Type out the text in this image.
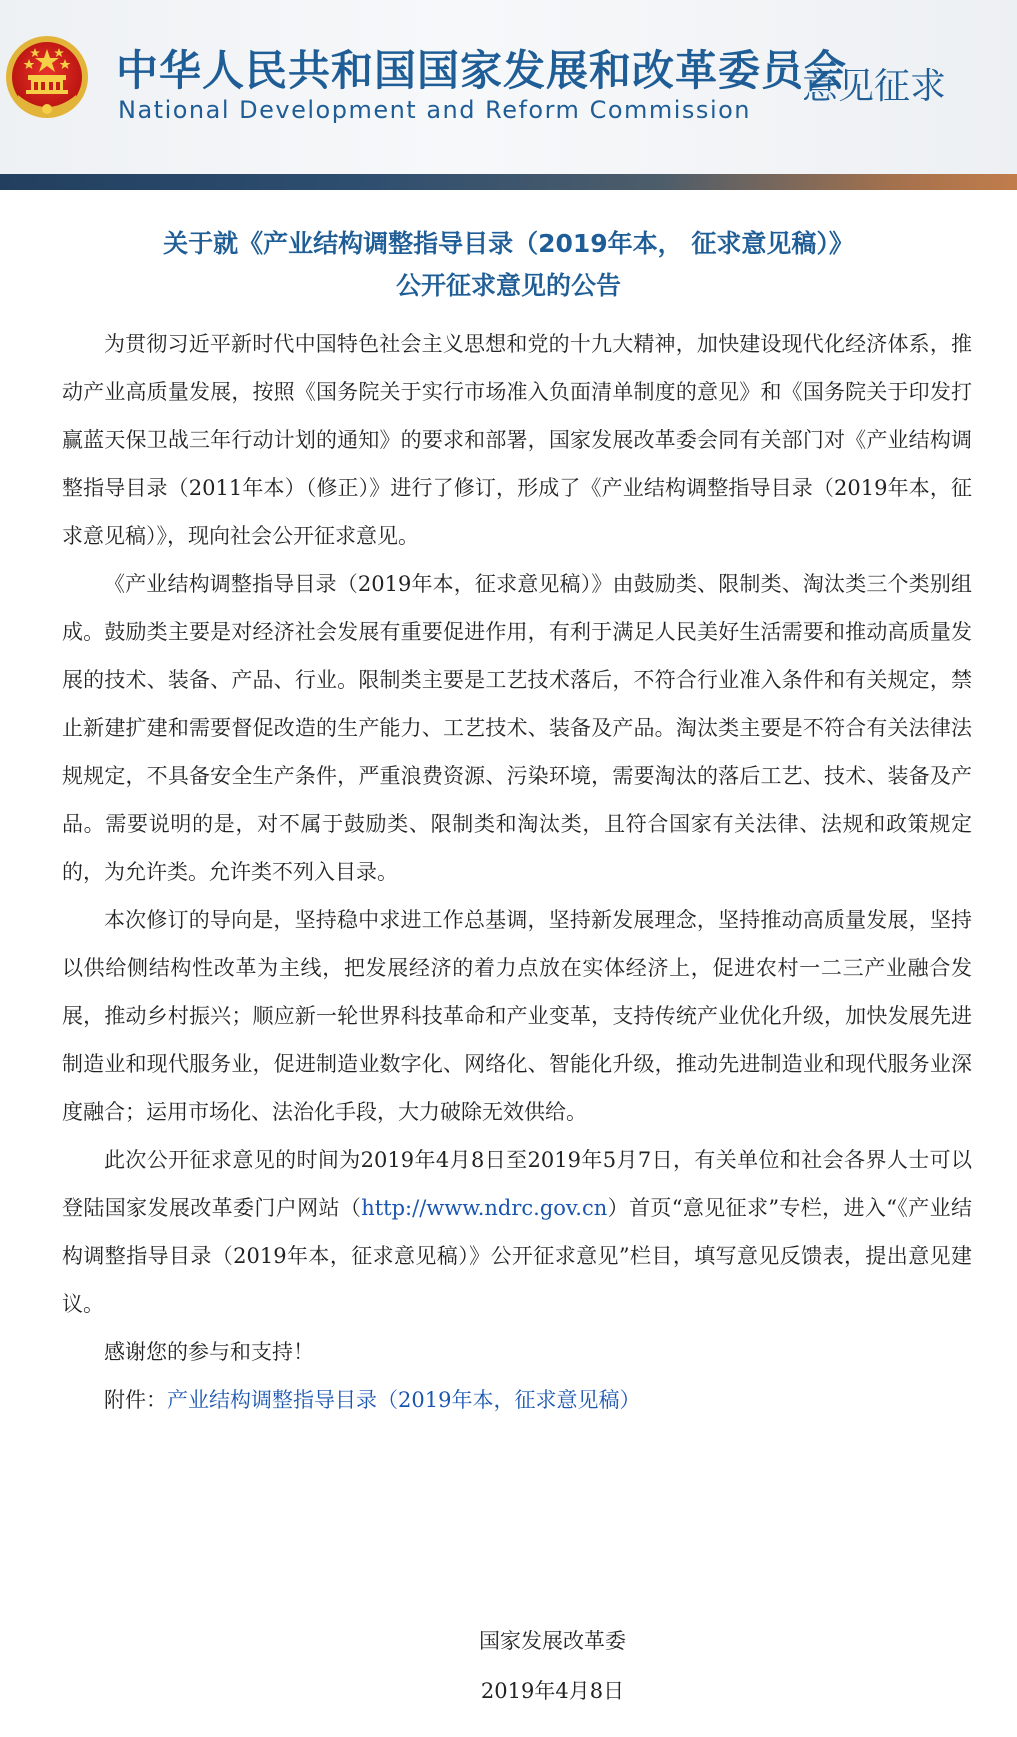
中华人民共和国国家发展和改革委员会
National Development and Reform Commission
意见征求
关于就《产业结构调整指导目录（2019年本， 征求意见稿）》
公开征求意见的公告

为贯彻习近平新时代中国特色社会主义思想和党的十九大精神，加快建设现代化经济体系，推动产业高质量发展，按照《国务院关于实行市场准入负面清单制度的意见》和《国务院关于印发打赢蓝天保卫战三年行动计划的通知》的要求和部署，国家发展改革委会同有关部门对《产业结构调整指导目录（2011年本）（修正）》进行了修订，形成了《产业结构调整指导目录（2019年本，征求意见稿）》，现向社会公开征求意见。

《产业结构调整指导目录（2019年本，征求意见稿）》由鼓励类、限制类、淘汰类三个类别组成。鼓励类主要是对经济社会发展有重要促进作用，有利于满足人民美好生活需要和推动高质量发展的技术、装备、产品、行业。限制类主要是工艺技术落后，不符合行业准入条件和有关规定，禁止新建扩建和需要督促改造的生产能力、工艺技术、装备及产品。淘汰类主要是不符合有关法律法规规定，不具备安全生产条件，严重浪费资源、污染环境，需要淘汰的落后工艺、技术、装备及产品。需要说明的是，对不属于鼓励类、限制类和淘汰类，且符合国家有关法律、法规和政策规定的，为允许类。允许类不列入目录。

本次修订的导向是，坚持稳中求进工作总基调，坚持新发展理念，坚持推动高质量发展，坚持以供给侧结构性改革为主线，把发展经济的着力点放在实体经济上，促进农村一二三产业融合发展，推动乡村振兴；顺应新一轮世界科技革命和产业变革，支持传统产业优化升级，加快发展先进制造业和现代服务业，促进制造业数字化、网络化、智能化升级，推动先进制造业和现代服务业深度融合；运用市场化、法治化手段，大力破除无效供给。

此次公开征求意见的时间为2019年4月8日至2019年5月7日，有关单位和社会各界人士可以登陆国家发展改革委门户网站（http://www.ndrc.gov.cn）首页“意见征求”专栏，进入“《产业结构调整指导目录（2019年本，征求意见稿）》公开征求意见”栏目，填写意见反馈表，提出意见建议。

感谢您的参与和支持！

附件：产业结构调整指导目录（2019年本，征求意见稿）

国家发展改革委
2019年4月8日
